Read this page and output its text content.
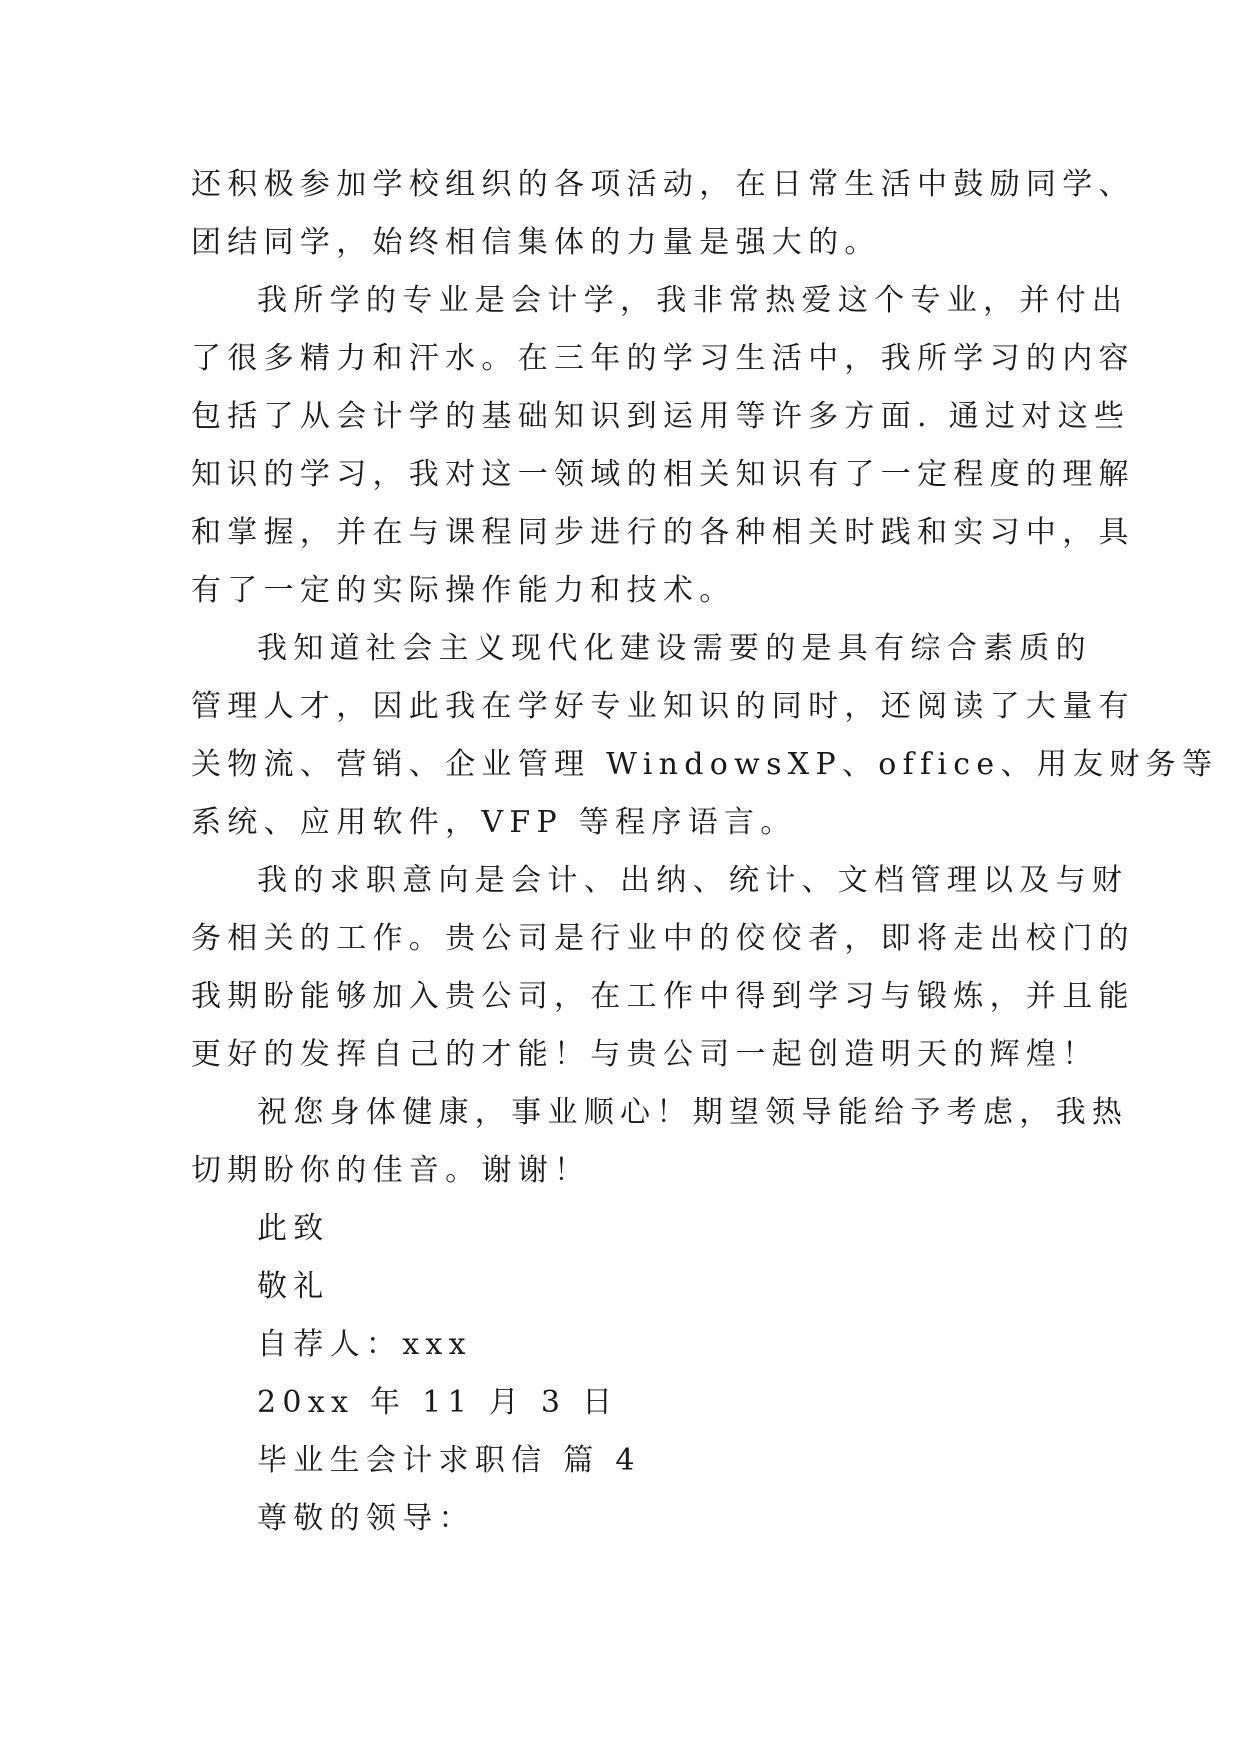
还积极参加学校组织的各项活动，在日常生活中鼓励同学、
团结同学，始终相信集体的力量是强大的。
我所学的专业是会计学，我非常热爱这个专业，并付出
了很多精力和汗水。在三年的学习生活中，我所学习的内容
包括了从会计学的基础知识到运用等许多方面. 通过对这些
知识的学习，我对这一领域的相关知识有了一定程度的理解
和掌握，并在与课程同步进行的各种相关时践和实习中，具
有了一定的实际操作能力和技术。
我知道社会主义现代化建设需要的是具有综合素质的
管理人才，因此我在学好专业知识的同时，还阅读了大量有
关物流、营销、企业管理 WindowsXP、office、用友财务等
系统、应用软件，VFP 等程序语言。
我的求职意向是会计、出纳、统计、文档管理以及与财
务相关的工作。贵公司是行业中的佼佼者，即将走出校门的
我期盼能够加入贵公司，在工作中得到学习与锻炼，并且能
更好的发挥自己的才能！与贵公司一起创造明天的辉煌！
祝您身体健康，事业顺心！期望领导能给予考虑，我热
切期盼你的佳音。谢谢！
此致
敬礼
自荐人：xxx
20xx 年 11 月 3 日
毕业生会计求职信 篇 4
尊敬的领导：
